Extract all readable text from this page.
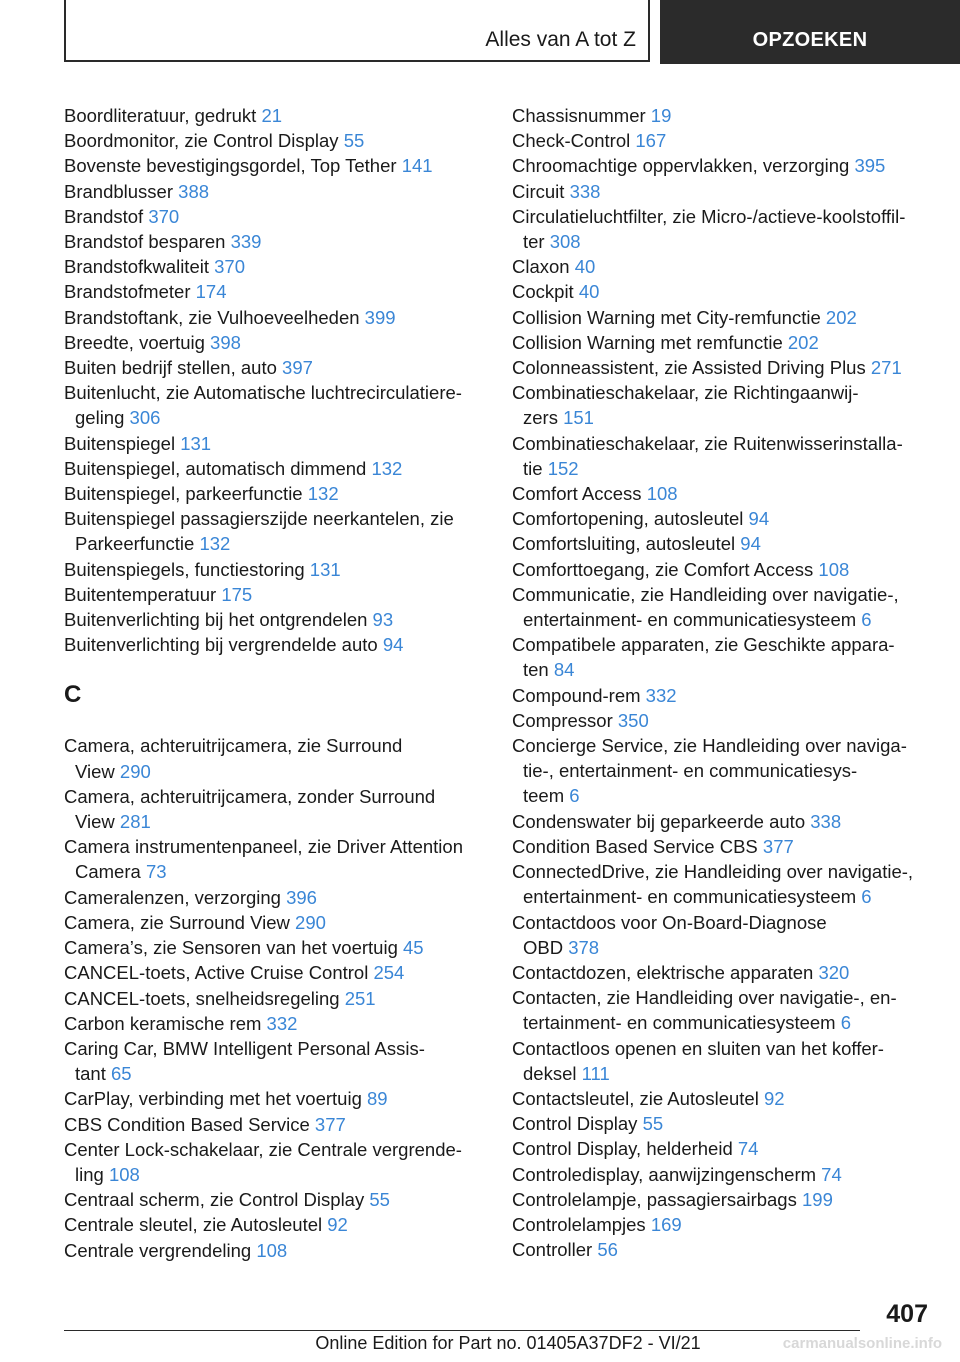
Alles van A tot Z	OPZOEKEN
Boordliteratuur, gedrukt 21
Boordmonitor, zie Control Display 55
Bovenste bevestigingsgordel, Top Tether 141
Brandblusser 388
Brandstof 370
Brandstof besparen 339
Brandstofkwaliteit 370
Brandstofmeter 174
Brandstoftank, zie Vulhoeveelheden 399
Breedte, voertuig 398
Buiten bedrijf stellen, auto 397
Buitenlucht, zie Automatische luchtrecirculatiere-
geling 306
Buitenspiegel 131
Buitenspiegel, automatisch dimmend 132
Buitenspiegel, parkeerfunctie 132
Buitenspiegel passagierszijde neerkantelen, zie
Parkeerfunctie 132
Buitenspiegels, functiestoring 131
Buitentemperatuur 175
Buitenverlichting bij het ontgrendelen 93
Buitenverlichting bij vergrendelde auto 94
C
Camera, achteruitrijcamera, zie Surround
View 290
Camera, achteruitrijcamera, zonder Surround
View 281
Camera instrumentenpaneel, zie Driver Attention
Camera 73
Cameralenzen, verzorging 396
Camera, zie Surround View 290
Camera’s, zie Sensoren van het voertuig 45
CANCEL-toets, Active Cruise Control 254
CANCEL-toets, snelheidsregeling 251
Carbon keramische rem 332
Caring Car, BMW Intelligent Personal Assis-
tant 65
CarPlay, verbinding met het voertuig 89
CBS Condition Based Service 377
Center Lock-schakelaar, zie Centrale vergrende-
ling 108
Centraal scherm, zie Control Display 55
Centrale sleutel, zie Autosleutel 92
Centrale vergrendeling 108
Chassisnummer 19
Check-Control 167
Chroomachtige oppervlakken, verzorging 395
Circuit 338
Circulatieluchtfilter, zie Micro-/actieve-koolstoffil-
ter 308
Claxon 40
Cockpit 40
Collision Warning met City-remfunctie 202
Collision Warning met remfunctie 202
Colonneassistent, zie Assisted Driving Plus 271
Combinatieschakelaar, zie Richtingaanwij-
zers 151
Combinatieschakelaar, zie Ruitenwisserinstalla-
tie 152
Comfort Access 108
Comfortopening, autosleutel 94
Comfortsluiting, autosleutel 94
Comforttoegang, zie Comfort Access 108
Communicatie, zie Handleiding over navigatie-,
entertainment- en communicatiesysteem 6
Compatibele apparaten, zie Geschikte appara-
ten 84
Compound-rem 332
Compressor 350
Concierge Service, zie Handleiding over naviga-
tie-, entertainment- en communicatiesys-
teem 6
Condenswater bij geparkeerde auto 338
Condition Based Service CBS 377
ConnectedDrive, zie Handleiding over navigatie-,
entertainment- en communicatiesysteem 6
Contactdoos voor On-Board-Diagnose
OBD 378
Contactdozen, elektrische apparaten 320
Contacten, zie Handleiding over navigatie-, en-
tertainment- en communicatiesysteem 6
Contactloos openen en sluiten van het koffer-
deksel 111
Contactsleutel, zie Autosleutel 92
Control Display 55
Control Display, helderheid 74
Controledisplay, aanwijzingenscherm 74
Controlelampje, passagiersairbags 199
Controlelampjes 169
Controller 56
407
Online Edition for Part no. 01405A37DF2 - VI/21	carmanualsonline.info
